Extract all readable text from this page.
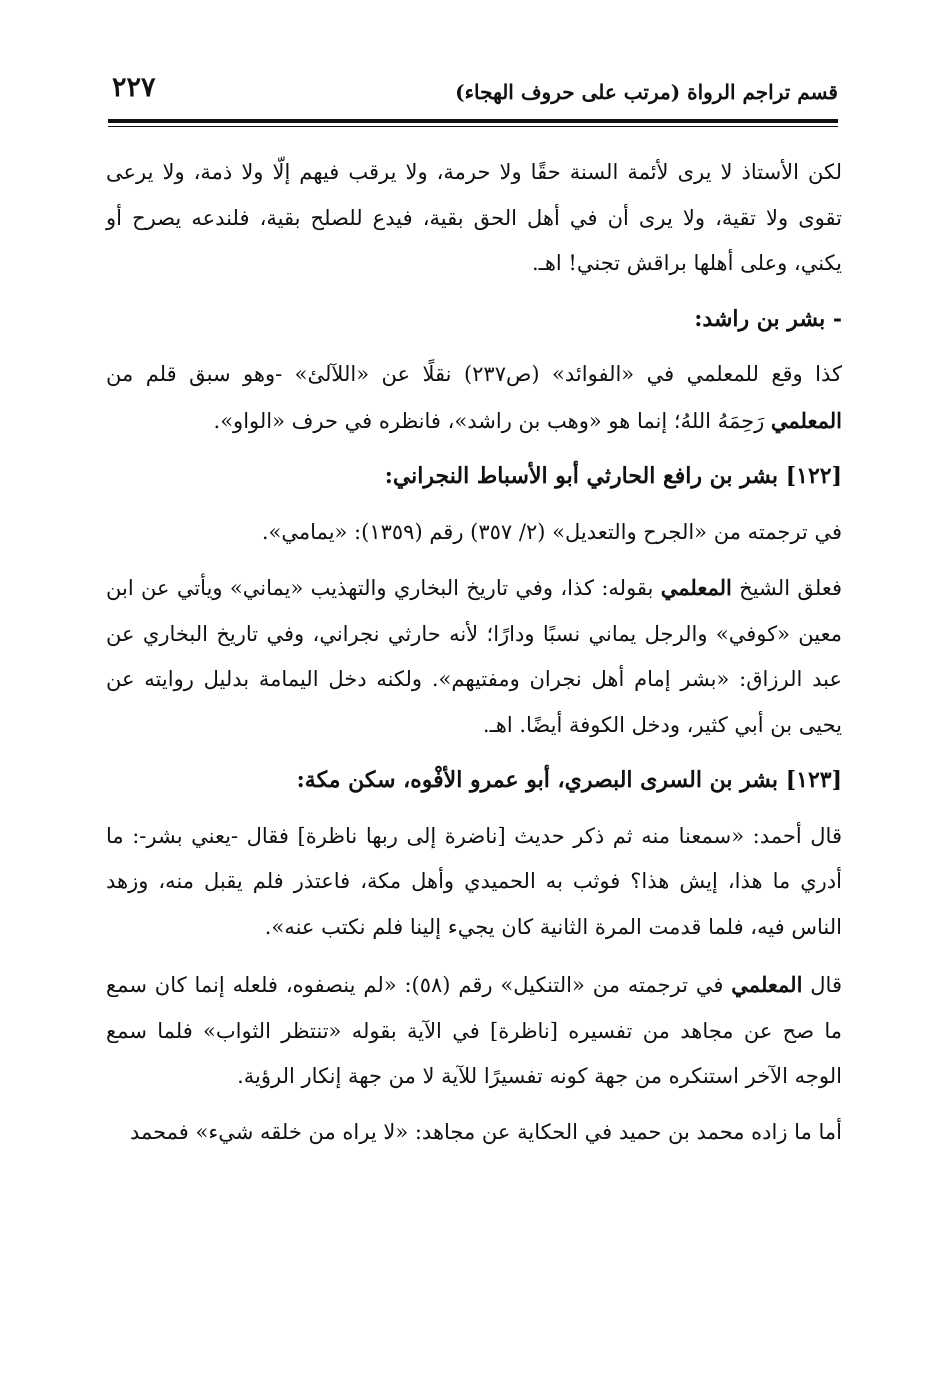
قسم تراجم الرواة (مرتب على حروف الهجاء)
٢٢٧

لكن الأستاذ لا يرى لأئمة السنة حقًا ولا حرمة، ولا يرقب فيهم إلّا ولا ذمة، ولا يرعى تقوى ولا تقية، ولا يرى أن في أهل الحق بقية، فيدع للصلح بقية، فلندعه يصرح أو يكني، وعلى أهلها براقش تجني! اهـ.

- بشر بن راشد:

كذا وقع للمعلمي في «الفوائد» (ص٢٣٧) نقلًا عن «اللآلئ» -وهو سبق قلم من المعلمي رَحِمَهُ اللهُ؛ إنما هو «وهب بن راشد»، فانظره في حرف «الواو».

[١٢٢] بشر بن رافع الحارثي أبو الأسباط النجراني:

في ترجمته من «الجرح والتعديل» (٢/ ٣٥٧) رقم (١٣٥٩): «يمامي».

فعلق الشيخ المعلمي بقوله: كذا، وفي تاريخ البخاري والتهذيب «يماني» ويأتي عن ابن معين «كوفي» والرجل يماني نسبًا ودارًا؛ لأنه حارثي نجراني، وفي تاريخ البخاري عن عبد الرزاق: «بشر إمام أهل نجران ومفتيهم». ولكنه دخل اليمامة بدليل روايته عن يحيى بن أبي كثير، ودخل الكوفة أيضًا. اهـ.

[١٢٣] بشر بن السرى البصري، أبو عمرو الأفْوه، سكن مكة:

قال أحمد: «سمعنا منه ثم ذكر حديث [ناضرة إلى ربها ناظرة] فقال -يعني بشر-: ما أدري ما هذا، إيش هذا؟ فوثب به الحميدي وأهل مكة، فاعتذر فلم يقبل منه، وزهد الناس فيه، فلما قدمت المرة الثانية كان يجيء إلينا فلم نكتب عنه».

قال المعلمي في ترجمته من «التنكيل» رقم (٥٨): «لم ينصفوه، فلعله إنما كان سمع ما صح عن مجاهد من تفسيره [ناظرة] في الآية بقوله «تنتظر الثواب» فلما سمع الوجه الآخر استنكره من جهة كونه تفسيرًا للآية لا من جهة إنكار الرؤية.

أما ما زاده محمد بن حميد في الحكاية عن مجاهد: «لا يراه من خلقه شيء» فمحمد
